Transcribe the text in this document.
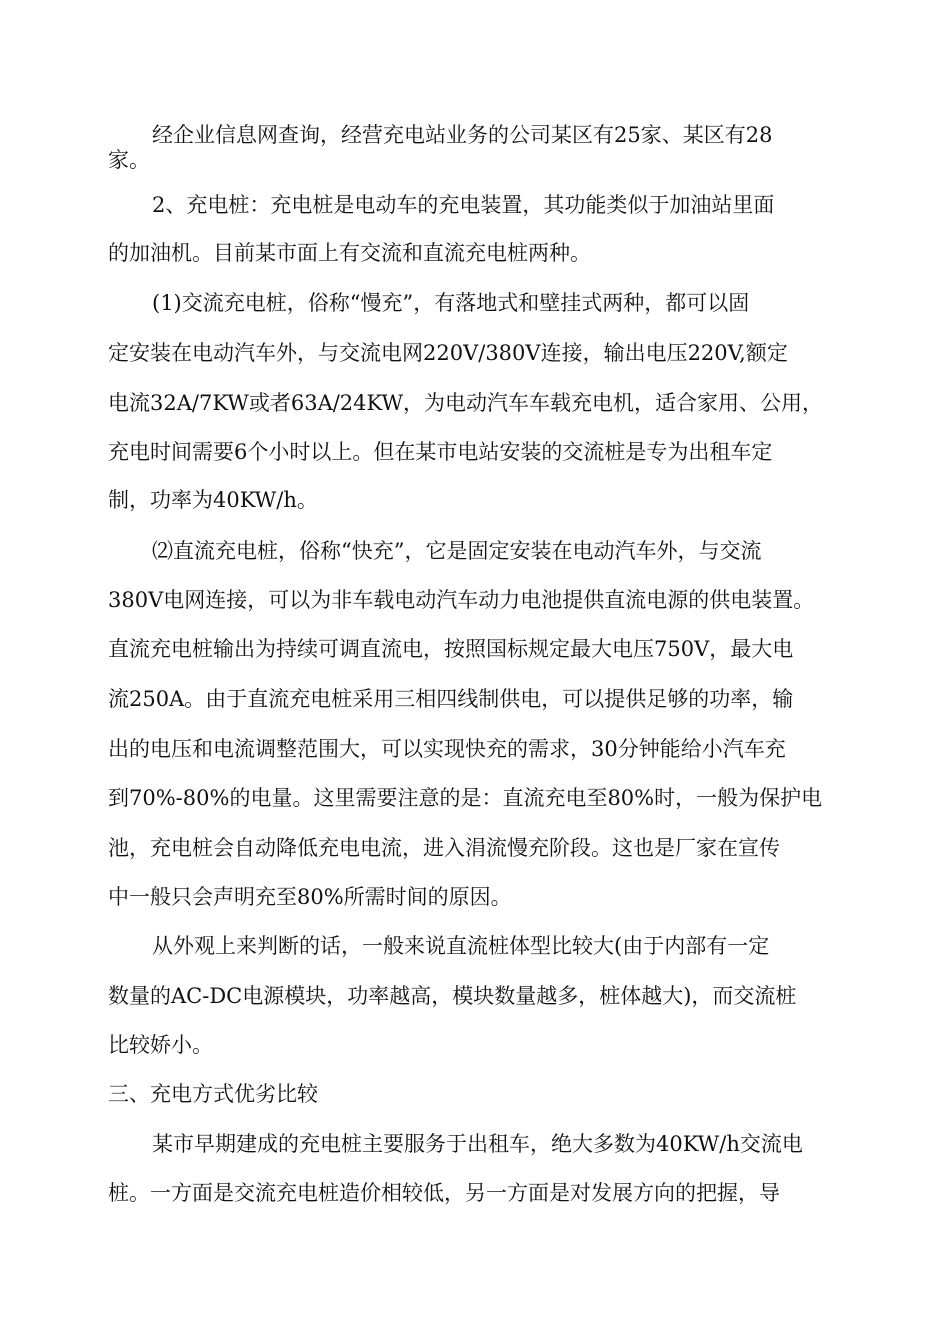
经企业信息网查询，经营充电站业务的公司某区有25家、某区有28
家。
2、充电桩：充电桩是电动车的充电装置，其功能类似于加油站里面
的加油机。目前某市面上有交流和直流充电桩两种。
(1)交流充电桩，俗称“慢充”，有落地式和壁挂式两种，都可以固
定安装在电动汽车外，与交流电网220V/380V连接，输出电压220V,额定
电流32A/7KW或者63A/24KW，为电动汽车车载充电机，适合家用、公用，
充电时间需要6个小时以上。但在某市电站安装的交流桩是专为出租车定
制，功率为40KW/h。
⑵直流充电桩，俗称“快充”，它是固定安装在电动汽车外，与交流
380V电网连接，可以为非车载电动汽车动力电池提供直流电源的供电装置。
直流充电桩输出为持续可调直流电，按照国标规定最大电压750V，最大电
流250A。由于直流充电桩采用三相四线制供电，可以提供足够的功率，输
出的电压和电流调整范围大，可以实现快充的需求，30分钟能给小汽车充
到70%-80%的电量。这里需要注意的是：直流充电至80%时，一般为保护电
池，充电桩会自动降低充电电流，进入涓流慢充阶段。这也是厂家在宣传
中一般只会声明充至80%所需时间的原因。
从外观上来判断的话，一般来说直流桩体型比较大(由于内部有一定
数量的AC-DC电源模块，功率越高，模块数量越多，桩体越大)，而交流桩
比较娇小。
三、充电方式优劣比较
某市早期建成的充电桩主要服务于出租车，绝大多数为40KW/h交流电
桩。一方面是交流充电桩造价相较低，另一方面是对发展方向的把握，导
